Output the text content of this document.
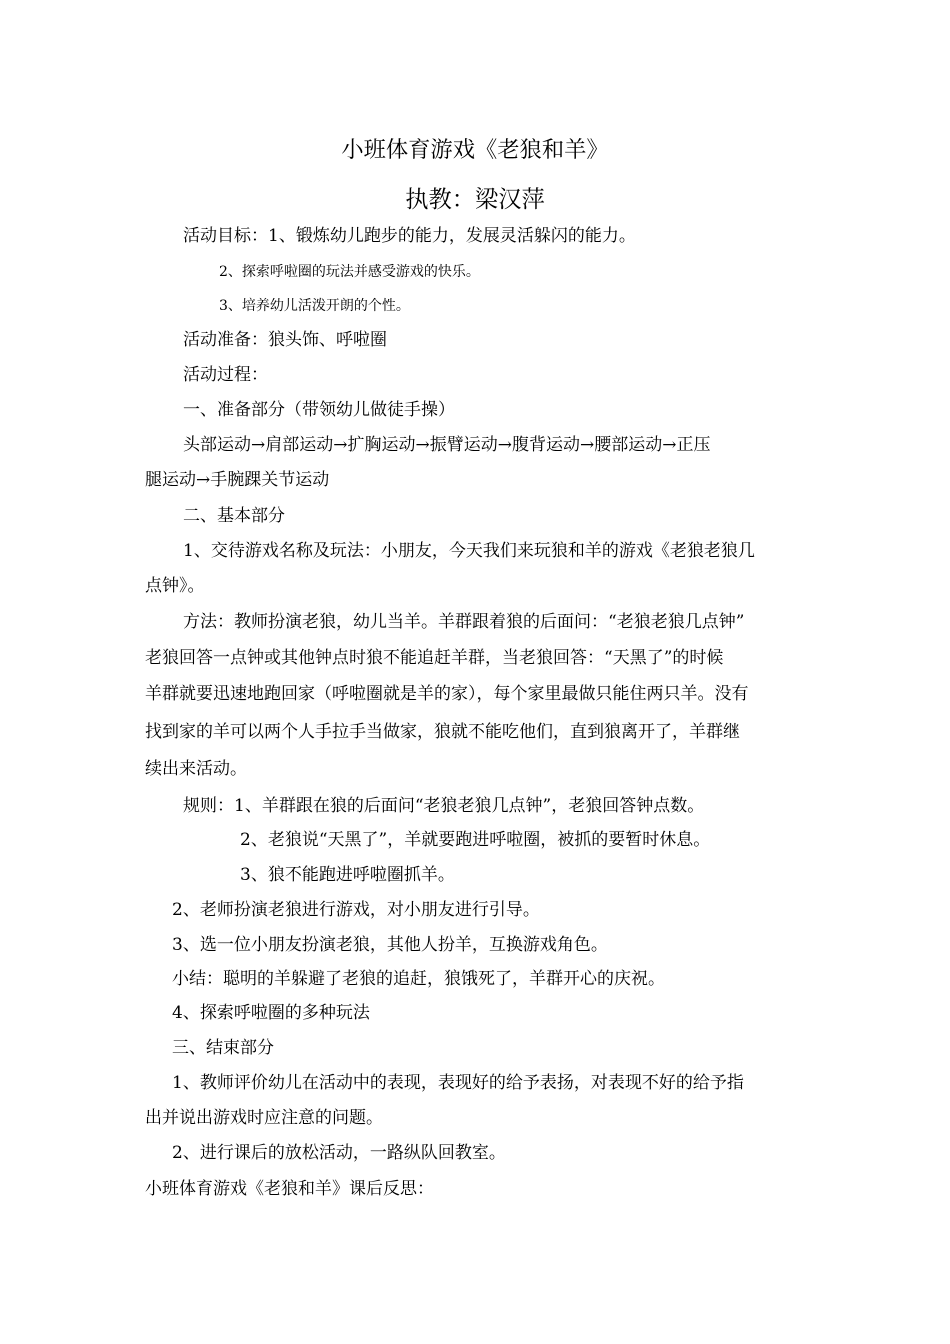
小班体育游戏《老狼和羊》
执教：梁汉萍
活动目标：1、锻炼幼儿跑步的能力，发展灵活躲闪的能力。
2、探索呼啦圈的玩法并感受游戏的快乐。
3、培养幼儿活泼开朗的个性。
活动准备：狼头饰、呼啦圈
活动过程：
一、准备部分（带领幼儿做徒手操）
头部运动→肩部运动→扩胸运动→振臂运动→腹背运动→腰部运动→正压
腿运动→手腕踝关节运动
二、基本部分
1、交待游戏名称及玩法：小朋友，今天我们来玩狼和羊的游戏《老狼老狼几
点钟》。
方法：教师扮演老狼，幼儿当羊。羊群跟着狼的后面问：“老狼老狼几点钟”
老狼回答一点钟或其他钟点时狼不能追赶羊群，当老狼回答：“天黑了”的时候
羊群就要迅速地跑回家（呼啦圈就是羊的家），每个家里最做只能住两只羊。没有
找到家的羊可以两个人手拉手当做家，狼就不能吃他们，直到狼离开了，羊群继
续出来活动。
规则：1、羊群跟在狼的后面问“老狼老狼几点钟”，老狼回答钟点数。
2、老狼说“天黑了”，羊就要跑进呼啦圈，被抓的要暂时休息。
3、狼不能跑进呼啦圈抓羊。
2、老师扮演老狼进行游戏，对小朋友进行引导。
3、选一位小朋友扮演老狼，其他人扮羊，互换游戏角色。
小结：聪明的羊躲避了老狼的追赶，狼饿死了，羊群开心的庆祝。
4、探索呼啦圈的多种玩法
三、结束部分
1、教师评价幼儿在活动中的表现，表现好的给予表扬，对表现不好的给予指
出并说出游戏时应注意的问题。
2、进行课后的放松活动，一路纵队回教室。
小班体育游戏《老狼和羊》课后反思：
